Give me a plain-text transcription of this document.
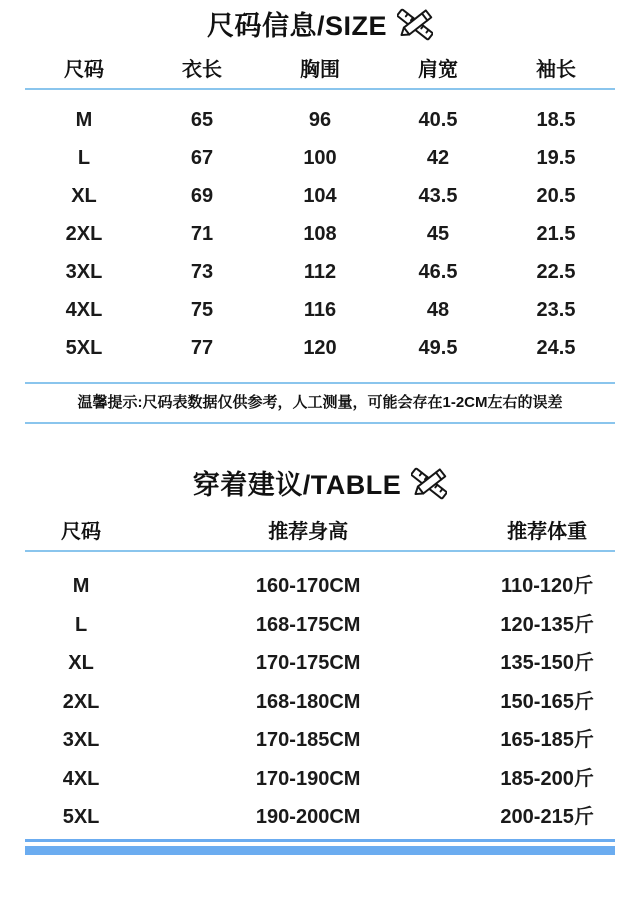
尺码信息/SIZE
尺码	衣长	胸围	肩宽	袖长
M	65	96	40.5	18.5
L	67	100	42	19.5
XL	69	104	43.5	20.5
2XL	71	108	45	21.5
3XL	73	112	46.5	22.5
4XL	75	116	48	23.5
5XL	77	120	49.5	24.5
温馨提示:尺码表数据仅供参考，人工测量，可能会存在1-2CM左右的误差
穿着建议/TABLE
尺码	推荐身高	推荐体重
M	160-170CM	110-120斤
L	168-175CM	120-135斤
XL	170-175CM	135-150斤
2XL	168-180CM	150-165斤
3XL	170-185CM	165-185斤
4XL	170-190CM	185-200斤
5XL	190-200CM	200-215斤
